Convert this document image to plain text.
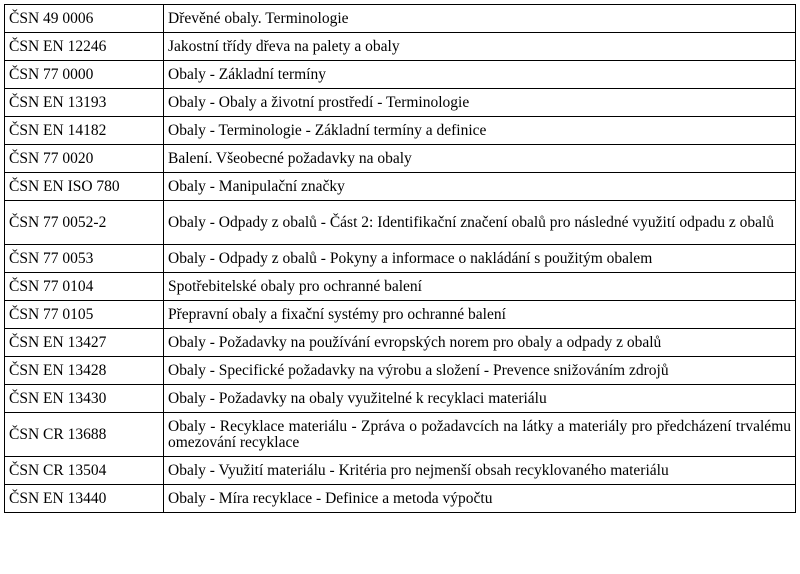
ČSN 49 0006	Dřevěné obaly. Terminologie
ČSN EN 12246	Jakostní třídy dřeva na palety a obaly
ČSN 77 0000	Obaly - Základní termíny
ČSN EN 13193	Obaly - Obaly a životní prostředí - Terminologie
ČSN EN 14182	Obaly - Terminologie - Základní termíny a definice
ČSN 77 0020	Balení. Všeobecné požadavky na obaly
ČSN EN ISO 780	Obaly - Manipulační značky
ČSN 77 0052-2	Obaly - Odpady z obalů - Část 2: Identifikační značení obalů pro následné využití odpadu z obalů
ČSN 77 0053	Obaly - Odpady z obalů - Pokyny a informace o nakládání s použitým obalem
ČSN 77 0104	Spotřebitelské obaly pro ochranné balení
ČSN 77 0105	Přepravní obaly a fixační systémy pro ochranné balení
ČSN EN 13427	Obaly - Požadavky na používání evropských norem pro obaly a odpady z obalů
ČSN EN 13428	Obaly - Specifické požadavky na výrobu a složení - Prevence snižováním zdrojů
ČSN EN 13430	Obaly - Požadavky na obaly využitelné k recyklaci materiálu
ČSN CR 13688	Obaly - Recyklace materiálu - Zpráva o požadavcích na látky a materiály pro předcházení trvalému omezování recyklace
ČSN CR 13504	Obaly - Využití materiálu - Kritéria pro nejmenší obsah recyklovaného materiálu
ČSN EN 13440	Obaly - Míra recyklace - Definice a metoda výpočtu
